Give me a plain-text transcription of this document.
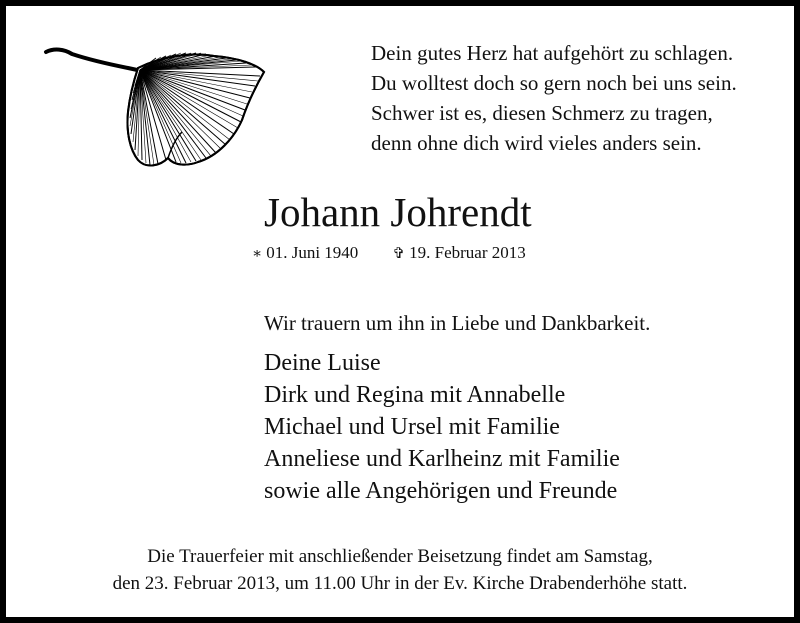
Dein gutes Herz hat aufgehört zu schlagen.
Du wolltest doch so gern noch bei uns sein.
Schwer ist es, diesen Schmerz zu tragen,
denn ohne dich wird vieles anders sein.
Johann Johrendt
∗ 01. Juni 1940 ✞ 19. Februar 2013
Wir trauern um ihn in Liebe und Dankbarkeit.
Deine Luise
Dirk und Regina mit Annabelle
Michael und Ursel mit Familie
Anneliese und Karlheinz mit Familie
sowie alle Angehörigen und Freunde
Die Trauerfeier mit anschließender Beisetzung findet am Samstag,
den 23. Februar 2013, um 11.00 Uhr in der Ev. Kirche Drabenderhöhe statt.
